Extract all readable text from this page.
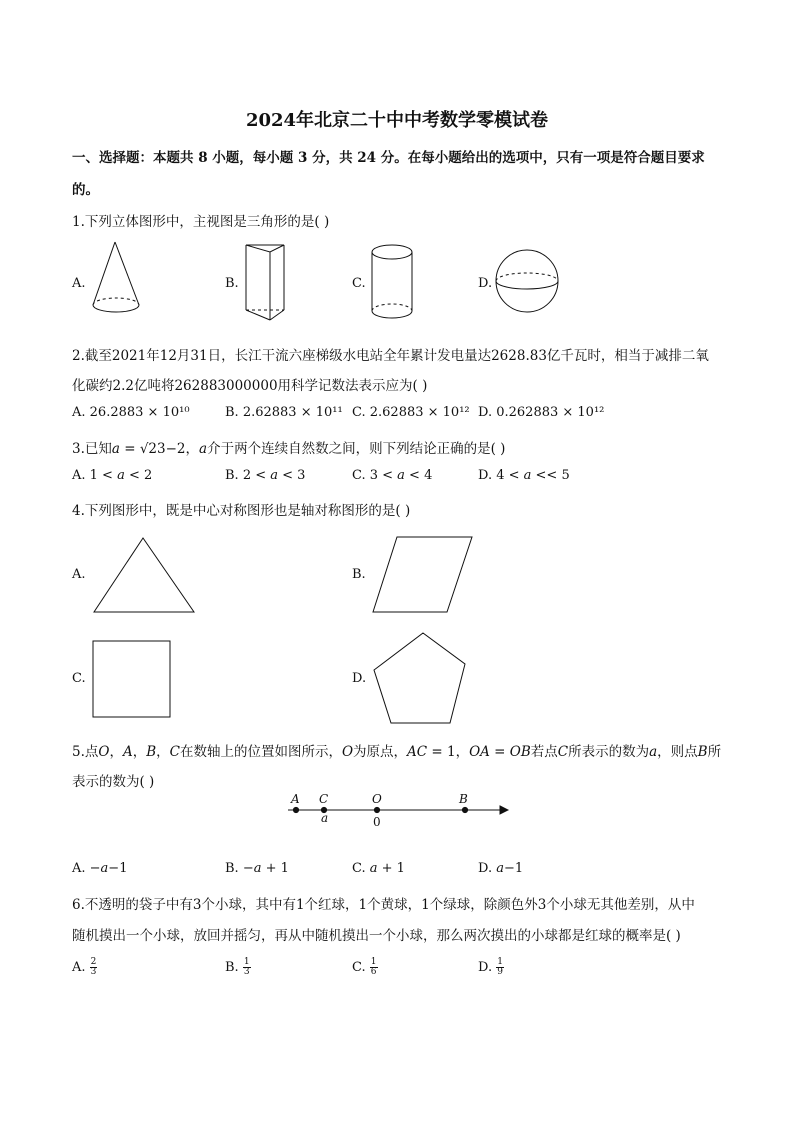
2024年北京二十中中考数学零模试卷
一、选择题：本题共 8 小题，每小题 3 分，共 24 分。在每小题给出的选项中，只有一项是符合题目要求
的。
1.下列立体图形中，主视图是三角形的是( )
A.	B.	C.	D.
2.截至2021年12月31日，长江干流六座梯级水电站全年累计发电量达2628.83亿千瓦时，相当于减排二氧
化碳约2.2亿吨将262883000000用科学记数法表示应为( )
A. 26.2883 × 10¹⁰	B. 2.62883 × 10¹¹ C. 2.62883 × 10¹² D. 0.262883 × 10¹²
3.已知𝑎 = √23−2，𝑎介于两个连续自然数之间，则下列结论正确的是( )
A. 1 < 𝑎 < 2	B. 2 < 𝑎 < 3	C. 3 < 𝑎 < 4	D. 4 < 𝑎 << 5
4.下列图形中，既是中心对称图形也是轴对称图形的是( )
A.	B.
C.	D.
5.点𝑂，𝐴，𝐵，𝐶在数轴上的位置如图所示，𝑂为原点，𝐴𝐶 = 1，𝑂𝐴 = 𝑂𝐵若点𝐶所表示的数为𝑎，则点𝐵所
表示的数为( )
A C	O	B
a	0
A. −𝑎−1	B. −𝑎 + 1	C. 𝑎 + 1	D. 𝑎−1
6.不透明的袋子中有3个小球，其中有1个红球，1个黄球，1个绿球，除颜色外3个小球无其他差别，从中
随机摸出一个小球，放回并摇匀，再从中随机摸出一个小球，那么两次摸出的小球都是红球的概率是( )
A. $\frac{2}{3}$	B. $\frac{1}{3}$	C. $\frac{1}{6}$	D. $\frac{1}{9}$
